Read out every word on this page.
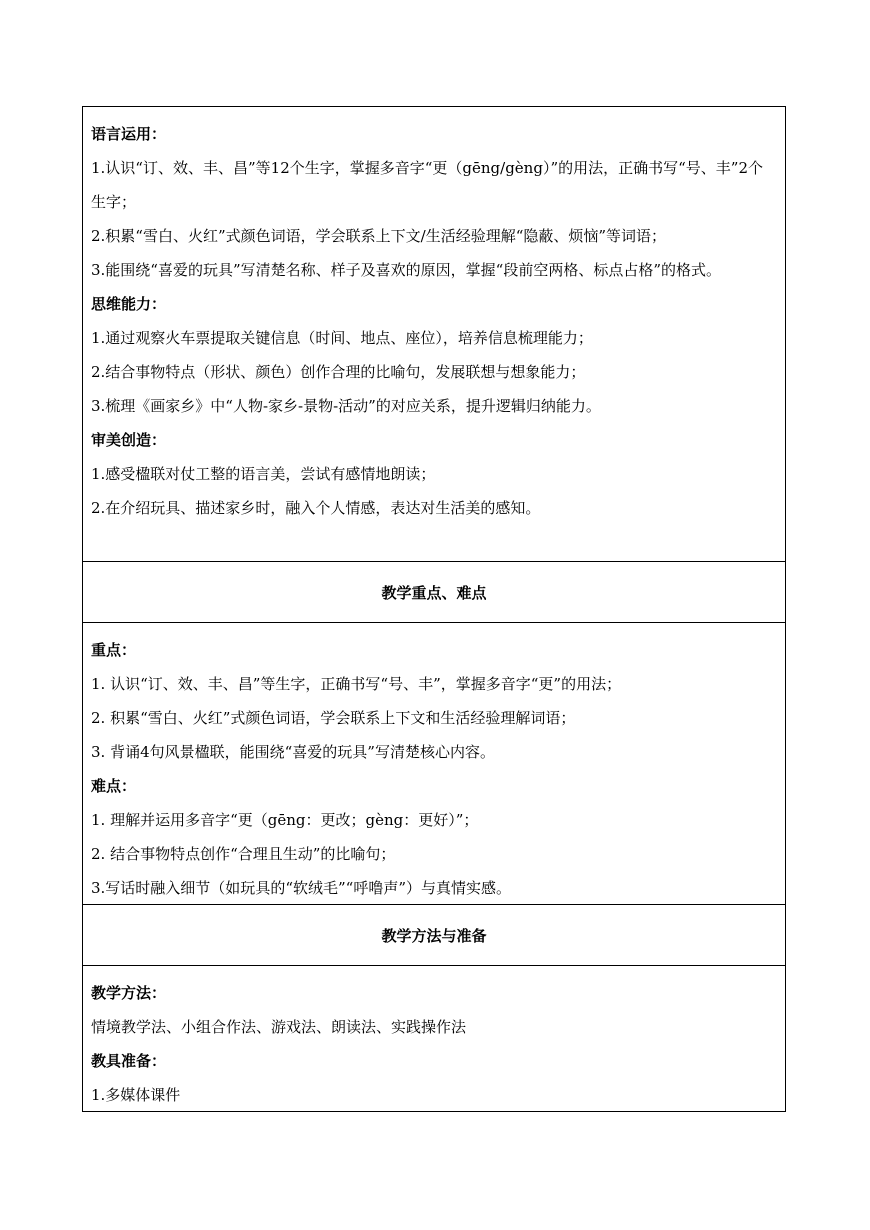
语言运用：
1.认识“订、效、丰、昌”等12个生字，掌握多音字“更（gēng/gèng）”的用法，正确书写“号、丰”2个生字；
2.积累“雪白、火红”式颜色词语，学会联系上下文/生活经验理解“隐蔽、烦恼”等词语；
3.能围绕“喜爱的玩具”写清楚名称、样子及喜欢的原因，掌握“段前空两格、标点占格”的格式。
思维能力：
1.通过观察火车票提取关键信息（时间、地点、座位），培养信息梳理能力；
2.结合事物特点（形状、颜色）创作合理的比喻句，发展联想与想象能力；
3.梳理《画家乡》中“人物-家乡-景物-活动”的对应关系，提升逻辑归纳能力。
审美创造：
1.感受楹联对仗工整的语言美，尝试有感情地朗读；
2.在介绍玩具、描述家乡时，融入个人情感，表达对生活美的感知。
教学重点、难点
重点：
1. 认识“订、效、丰、昌”等生字，正确书写“号、丰”，掌握多音字“更”的用法；
2. 积累“雪白、火红”式颜色词语，学会联系上下文和生活经验理解词语；
3. 背诵4句风景楹联，能围绕“喜爱的玩具”写清楚核心内容。
难点：
1. 理解并运用多音字“更（gēng：更改；gèng：更好）”；
2. 结合事物特点创作“合理且生动”的比喻句；
3.写话时融入细节（如玩具的“软绒毛”“呼噜声”）与真情实感。
教学方法与准备
教学方法：
情境教学法、小组合作法、游戏法、朗读法、实践操作法
教具准备：
1.多媒体课件
